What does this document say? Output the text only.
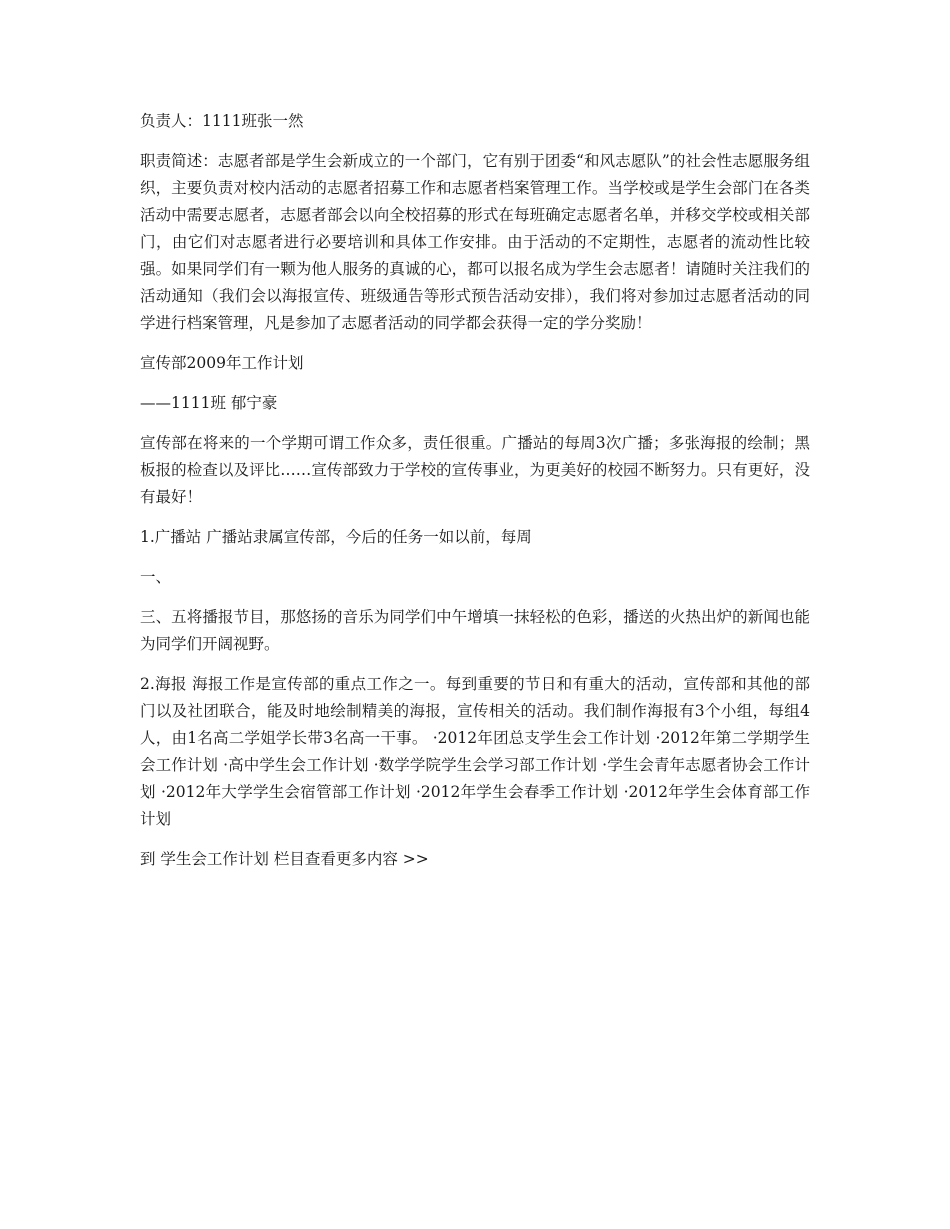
负责人：1111班张一然

职责简述：志愿者部是学生会新成立的一个部门，它有别于团委“和风志愿队”的社会性志愿服务组织，主要负责对校内活动的志愿者招募工作和志愿者档案管理工作。当学校或是学生会部门在各类活动中需要志愿者，志愿者部会以向全校招募的形式在每班确定志愿者名单，并移交学校或相关部门，由它们对志愿者进行必要培训和具体工作安排。由于活动的不定期性，志愿者的流动性比较强。如果同学们有一颗为他人服务的真诚的心，都可以报名成为学生会志愿者！请随时关注我们的活动通知（我们会以海报宣传、班级通告等形式预告活动安排），我们将对参加过志愿者活动的同学进行档案管理，凡是参加了志愿者活动的同学都会获得一定的学分奖励！

宣传部2009年工作计划

——1111班 郁宁豪

宣传部在将来的一个学期可谓工作众多，责任很重。广播站的每周3次广播；多张海报的绘制；黑板报的检查以及评比……宣传部致力于学校的宣传事业，为更美好的校园不断努力。只有更好，没有最好！

1.广播站 广播站隶属宣传部，今后的任务一如以前，每周

一、

三、五将播报节目，那悠扬的音乐为同学们中午增填一抹轻松的色彩，播送的火热出炉的新闻也能为同学们开阔视野。

2.海报 海报工作是宣传部的重点工作之一。每到重要的节日和有重大的活动，宣传部和其他的部门以及社团联合，能及时地绘制精美的海报，宣传相关的活动。我们制作海报有3个小组，每组4人，由1名高二学姐学长带3名高一干事。 ·2012年团总支学生会工作计划 ·2012年第二学期学生会工作计划 ·高中学生会工作计划 ·数学学院学生会学习部工作计划 ·学生会青年志愿者协会工作计划 ·2012年大学学生会宿管部工作计划 ·2012年学生会春季工作计划 ·2012年学生会体育部工作计划

到 学生会工作计划 栏目查看更多内容 >>
